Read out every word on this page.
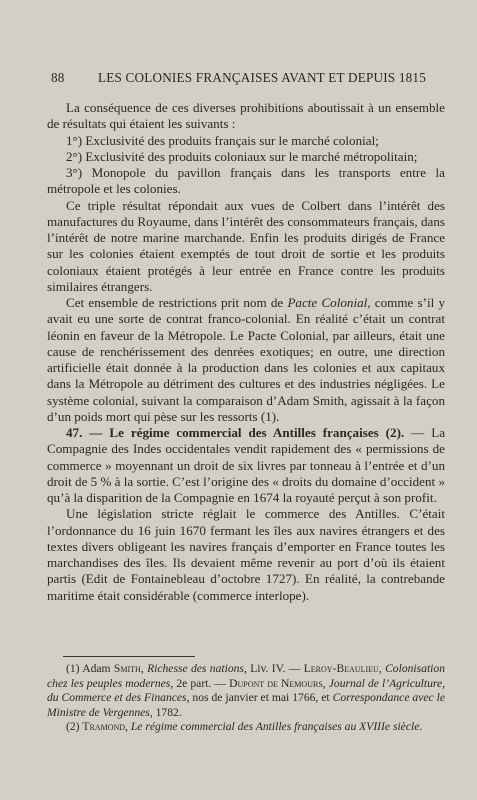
88	LES COLONIES FRANÇAISES AVANT ET DEPUIS 1815

La conséquence de ces diverses prohibitions aboutissait à un ensemble de résultats qui étaient les suivants :

1°) Exclusivité des produits français sur le marché colonial;

2°) Exclusivité des produits coloniaux sur le marché métropolitain;

3°) Monopole du pavillon français dans les transports entre la métropole et les colonies.

Ce triple résultat répondait aux vues de Colbert dans l’intérêt des manufactures du Royaume, dans l’intérêt des consommateurs français, dans l’intérêt de notre marine marchande. Enfin les produits dirigés de France sur les colonies étaient exemptés de tout droit de sortie et les produits coloniaux étaient protégés à leur entrée en France contre les produits similaires étrangers.

Cet ensemble de restrictions prit nom de Pacte Colonial, comme s’il y avait eu une sorte de contrat franco-colonial. En réalité c’était un contrat léonin en faveur de la Métropole. Le Pacte Colonial, par ailleurs, était une cause de renchérissement des denrées exotiques; en outre, une direction artificielle était donnée à la production dans les colonies et aux capitaux dans la Métropole au détriment des cultures et des industries négligées. Le système colonial, suivant la comparaison d’Adam Smith, agissait à la façon d’un poids mort qui pèse sur les ressorts (1).

47. — Le régime commercial des Antilles françaises (2). — La Compagnie des Indes occidentales vendit rapidement des « permissions de commerce » moyennant un droit de six livres par tonneau à l’entrée et d’un droit de 5 % à la sortie. C’est l’origine des « droits du domaine d’occident » qu’à la disparition de la Compagnie en 1674 la royauté perçut à son profit.

Une législation stricte réglait le commerce des Antilles. C’était l’ordonnance du 16 juin 1670 fermant les îles aux navires étrangers et des textes divers obligeant les navires français d’emporter en France toutes les marchandises des îles. Ils devaient même revenir au port d’où ils étaient partis (Edit de Fontainebleau d’octobre 1727). En réalité, la contrebande maritime était considérable (commerce interlope).

(1) Adam Smith, Richesse des nations, Liv. IV. — Leroy-Beaulieu, Colonisation chez les peuples modernes, 2e part. — Dupont de Nemours, Journal de l’Agriculture, du Commerce et des Finances, nos de janvier et mai 1766, et Correspondance avec le Ministre de Vergennes, 1782.

(2) Tramond, Le régime commercial des Antilles françaises au XVIIIe siècle.
